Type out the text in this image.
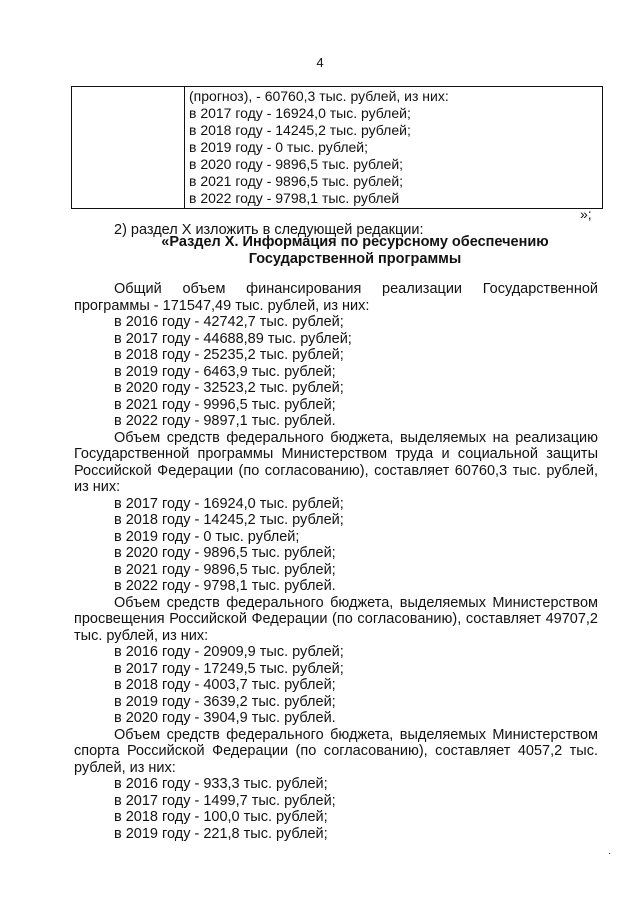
4

(прогноз), - 60760,3 тыс. рублей, из них:
в 2017 году - 16924,0 тыс. рублей;
в 2018 году - 14245,2 тыс. рублей;
в 2019 году - 0 тыс. рублей;
в 2020 году - 9896,5 тыс. рублей;
в 2021 году - 9896,5 тыс. рублей;
в 2022 году - 9798,1 тыс. рублей
»;
2) раздел X изложить в следующей редакции:
«Раздел X. Информация по ресурсному обеспечению
Государственной программы

Общий объем финансирования реализации Государственной программы - 171547,49 тыс. рублей, из них:

в 2016 году - 42742,7 тыс. рублей;
в 2017 году - 44688,89 тыс. рублей;
в 2018 году - 25235,2 тыс. рублей;
в 2019 году - 6463,9 тыс. рублей;
в 2020 году - 32523,2 тыс. рублей;
в 2021 году - 9996,5 тыс. рублей;
в 2022 году - 9897,1 тыс. рублей.

Объем средств федерального бюджета, выделяемых на реализацию Государственной программы Министерством труда и социальной защиты Российской Федерации (по согласованию), составляет 60760,3 тыс. рублей, из них:

в 2017 году - 16924,0 тыс. рублей;
в 2018 году - 14245,2 тыс. рублей;
в 2019 году - 0 тыс. рублей;
в 2020 году - 9896,5 тыс. рублей;
в 2021 году - 9896,5 тыс. рублей;
в 2022 году - 9798,1 тыс. рублей.

Объем средств федерального бюджета, выделяемых Министерством просвещения Российской Федерации (по согласованию), составляет 49707,2 тыс. рублей, из них:

в 2016 году - 20909,9 тыс. рублей;
в 2017 году - 17249,5 тыс. рублей;
в 2018 году - 4003,7 тыс. рублей;
в 2019 году - 3639,2 тыс. рублей;
в 2020 году - 3904,9 тыс. рублей.

Объем средств федерального бюджета, выделяемых Министерством спорта Российской Федерации (по согласованию), составляет 4057,2 тыс. рублей, из них:

в 2016 году - 933,3 тыс. рублей;
в 2017 году - 1499,7 тыс. рублей;
в 2018 году - 100,0 тыс. рублей;
в 2019 году - 221,8 тыс. рублей;
·
